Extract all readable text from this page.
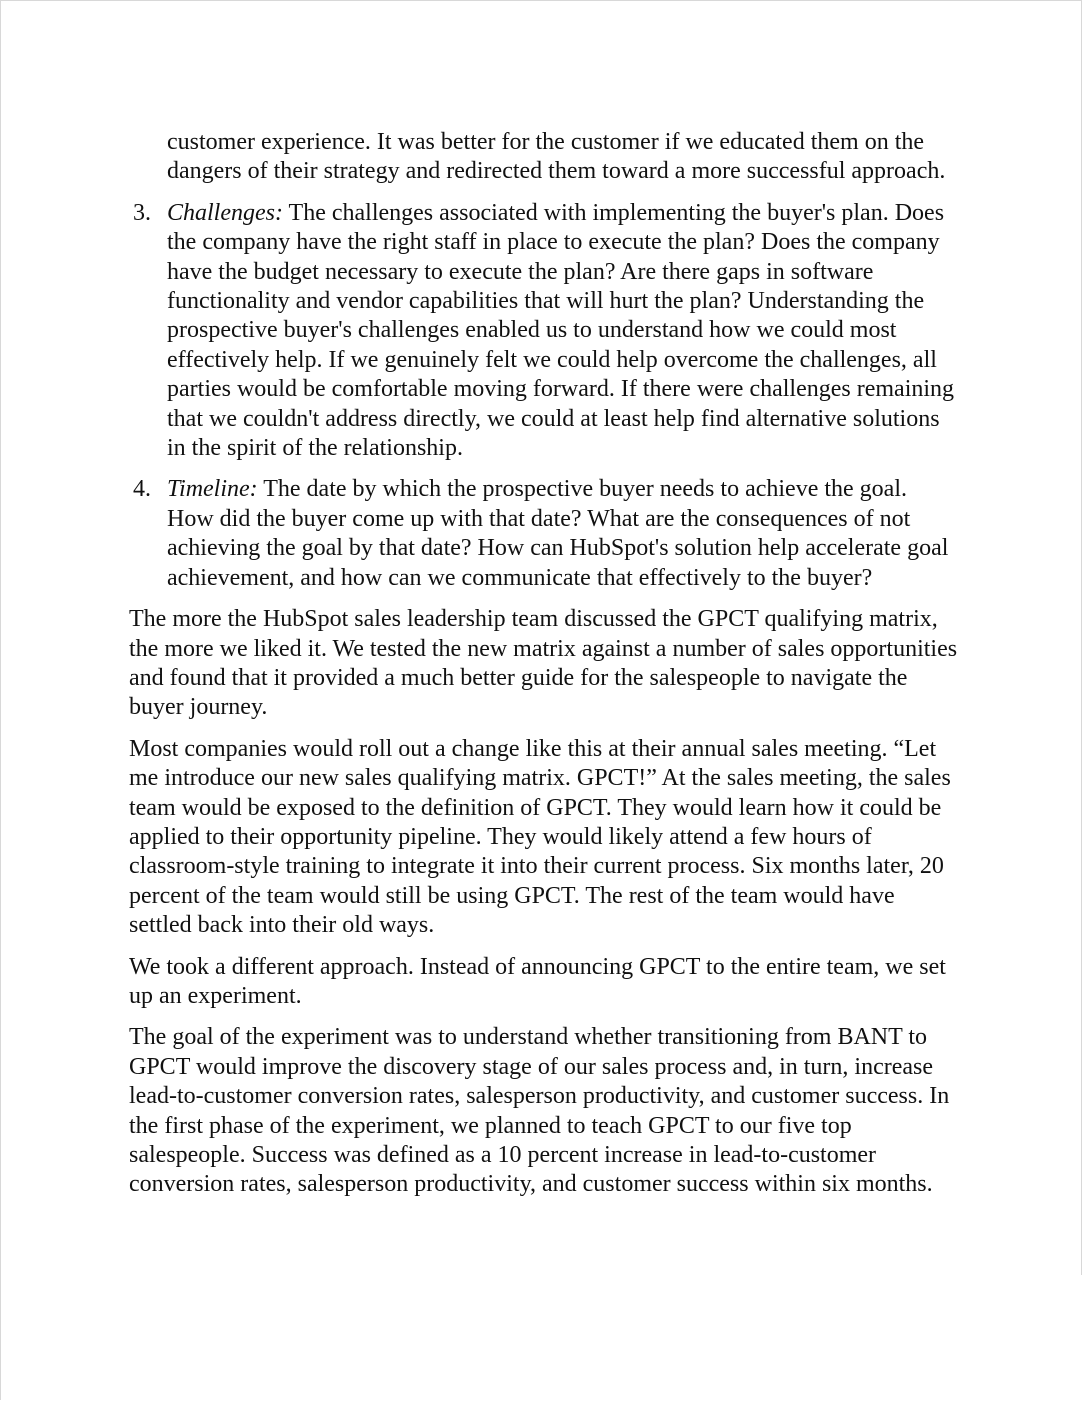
customer experience. It was better for the customer if we educated them on the dangers of their strategy and redirected them toward a more successful approach.
3. Challenges: The challenges associated with implementing the buyer's plan. Does the company have the right staff in place to execute the plan? Does the company have the budget necessary to execute the plan? Are there gaps in software functionality and vendor capabilities that will hurt the plan? Understanding the prospective buyer's challenges enabled us to understand how we could most effectively help. If we genuinely felt we could help overcome the challenges, all parties would be comfortable moving forward. If there were challenges remaining that we couldn't address directly, we could at least help find alternative solutions in the spirit of the relationship.
4. Timeline: The date by which the prospective buyer needs to achieve the goal. How did the buyer come up with that date? What are the consequences of not achieving the goal by that date? How can HubSpot's solution help accelerate goal achievement, and how can we communicate that effectively to the buyer?

The more the HubSpot sales leadership team discussed the GPCT qualifying matrix, the more we liked it. We tested the new matrix against a number of sales opportunities and found that it provided a much better guide for the salespeople to navigate the buyer journey.

Most companies would roll out a change like this at their annual sales meeting. “Let me introduce our new sales qualifying matrix. GPCT!” At the sales meeting, the sales team would be exposed to the definition of GPCT. They would learn how it could be applied to their opportunity pipeline. They would likely attend a few hours of classroom-style training to integrate it into their current process. Six months later, 20 percent of the team would still be using GPCT. The rest of the team would have settled back into their old ways.

We took a different approach. Instead of announcing GPCT to the entire team, we set up an experiment.

The goal of the experiment was to understand whether transitioning from BANT to GPCT would improve the discovery stage of our sales process and, in turn, increase lead-to-customer conversion rates, salesperson productivity, and customer success. In the first phase of the experiment, we planned to teach GPCT to our five top salespeople. Success was defined as a 10 percent increase in lead-to-customer conversion rates, salesperson productivity, and customer success within six months.
